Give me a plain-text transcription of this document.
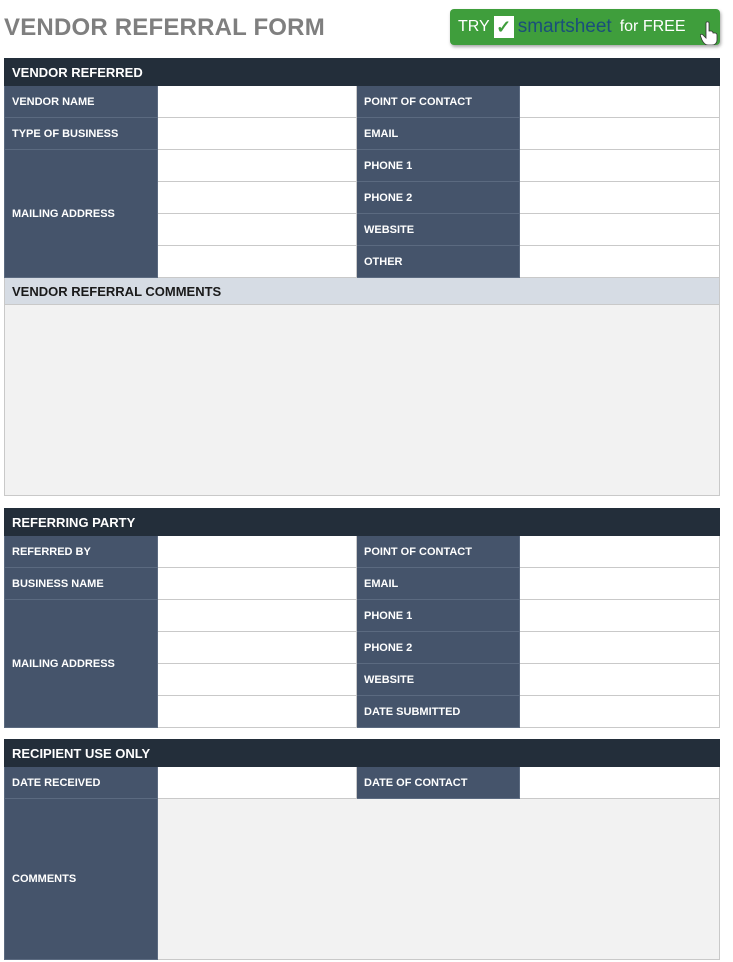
VENDOR REFERRAL FORM	TRY ✓ smartsheet for FREE
VENDOR REFERRED			
VENDOR NAME		POINT OF CONTACT	
TYPE OF BUSINESS		EMAIL	
MAILING ADDRESS		PHONE 1	
		PHONE 2	
		WEBSITE	
		OTHER	
VENDOR REFERRAL COMMENTS			

REFERRING PARTY			
REFERRED BY		POINT OF CONTACT	
BUSINESS NAME		EMAIL	
MAILING ADDRESS		PHONE 1	
		PHONE 2	
		WEBSITE	
		DATE SUBMITTED	
RECIPIENT USE ONLY			
DATE RECEIVED		DATE OF CONTACT	
COMMENTS			
